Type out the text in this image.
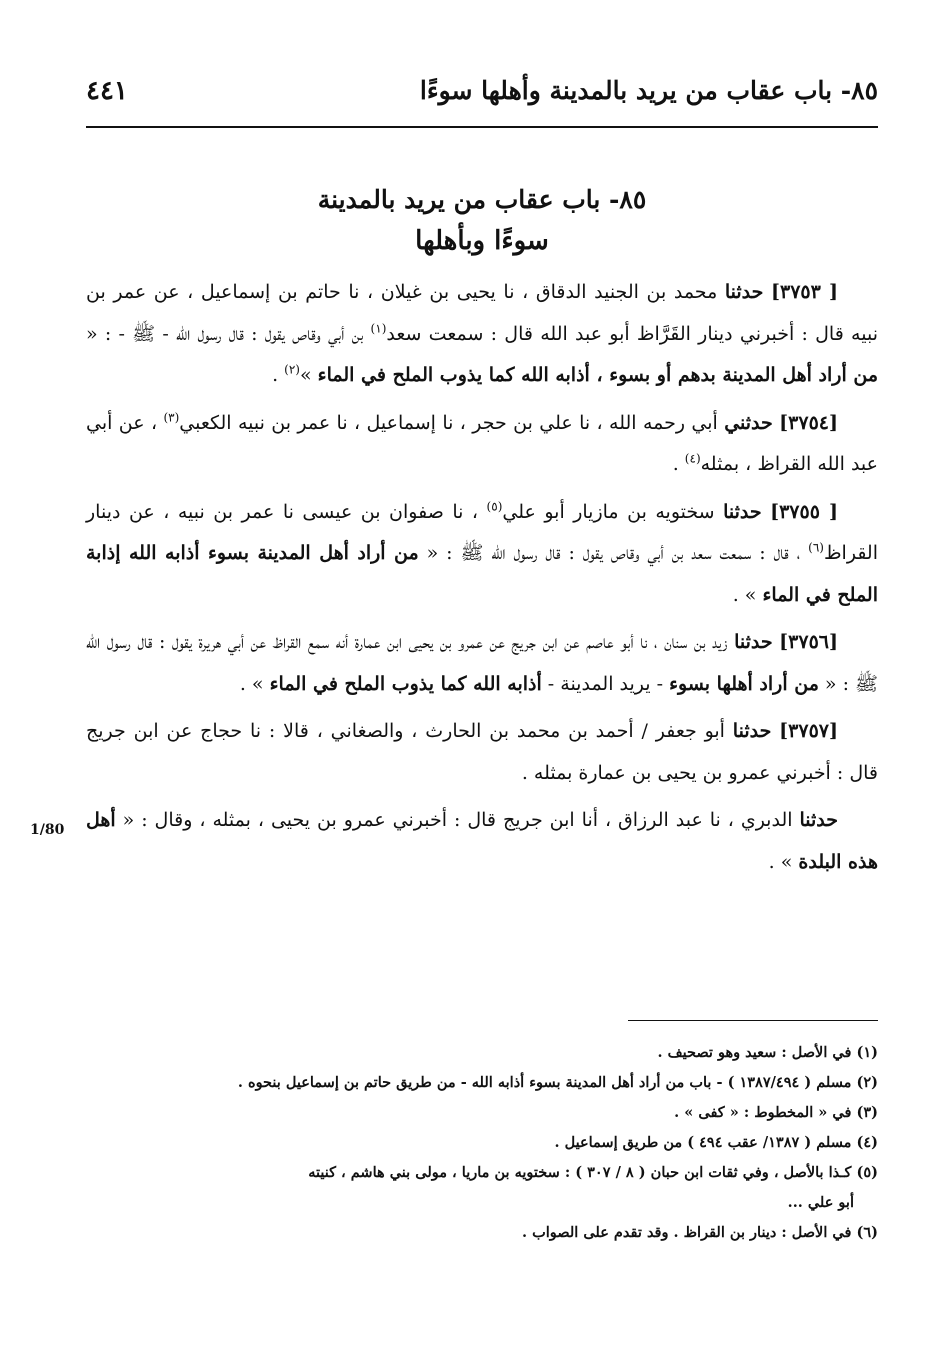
٨٥- باب عقاب من يريد بالمدينة وأهلها سوءًا
٤٤١
٨٥- باب عقاب من يريد بالمدينة
سوءًا وبأهلها
1/80

[ ٣٧٥٣] حدثنا محمد بن الجنيد الدقاق ، نا يحيى بن غيلان ، نا حاتم بن إسماعيل ، عن عمر بن نبيه قال : أخبرني دينار القَرَّاظ أبو عبد الله قال : سمعت سعد$^{(١)}$ بن أبي وقاص يقول : قال رسول الله - ﷺ - : « من أراد أهل المدينة بدهم أو بسوء ، أذابه الله كما يذوب الملح في الماء »$^{(٢)}$ .

[٣٧٥٤] حدثني أبي رحمه الله ، نا علي بن حجر ، نا إسماعيل ، نا عمر بن نبيه الكعبي$^{(٣)}$ ، عن أبي عبد الله القراظ ، بمثله$^{(٤)}$ .

[ ٣٧٥٥] حدثنا سختويه بن مازيار أبو علي$^{(٥)}$ ، نا صفوان بن عيسى نا عمر بن نبيه ، عن دينار القراظ$^{(٦)}$ ، قال : سمعت سعد بن أبي وقاص يقول : قال رسول الله ﷺ : « من أراد أهل المدينة بسوء أذابه الله إذابة الملح في الماء » .

[٣٧٥٦] حدثنا زيد بن سنان ، نا أبو عاصم عن ابن جريج عن عمرو بن يحيى ابن عمارة أنه سمع القراظ عن أبي هريرة يقول : قال رسول الله ﷺ : « من أراد أهلها بسوء - يريد المدينة - أذابه الله كما يذوب الملح في الماء » .

[٣٧٥٧] حدثنا أبو جعفر / أحمد بن محمد بن الحارث ، والصغاني ، قالا : نا حجاج عن ابن جريج قال : أخبرني عمرو بن يحيى بن عمارة بمثله .

حدثنا الدبري ، نا عبد الرزاق ، أنا ابن جريج قال : أخبرني عمرو بن يحيى ، بمثله ، وقال : « أهل هذه البلدة » .

(١) في الأصل : سعيد وهو تصحيف .

(٢) مسلم ( ١٣٨٧/٤٩٤ ) - باب من أراد أهل المدينة بسوء أذابه الله - من طريق حاتم بن إسماعيل بنحوه .

(٣) في « المخطوط : « كفى » .

(٤) مسلم ( ١٣٨٧/ عقب ٤٩٤ ) من طريق إسماعيل .

(٥) كـذا بالأصل ، وفي ثقات ابن حبان ( ٨ / ٣٠٧ ) : سختويه بن ماريا ، مولى بني هاشم ، كنيته
أبو علي ...

(٦) في الأصل : دينار بن القراظ . وقد تقدم على الصواب .
